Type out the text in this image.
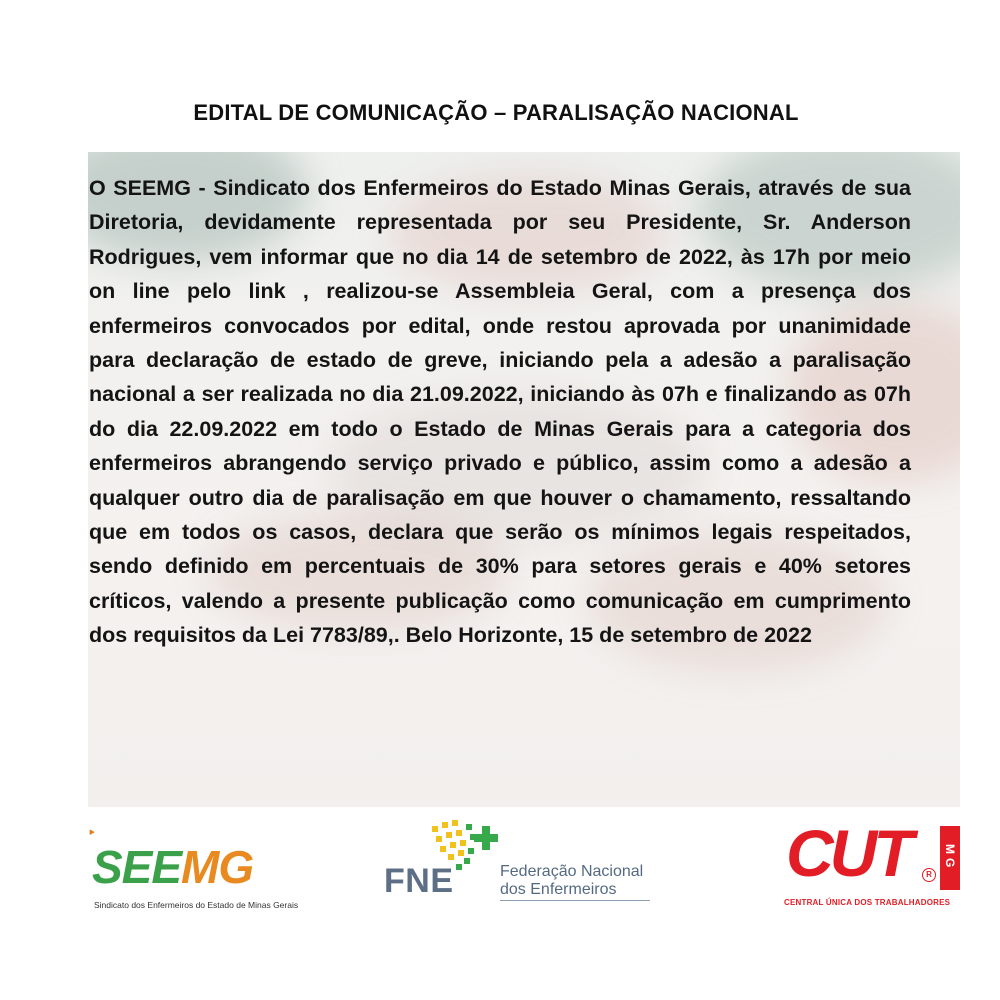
EDITAL DE COMUNICAÇÃO – PARALISAÇÃO NACIONAL

O SEEMG - Sindicato dos Enfermeiros do Estado Minas Gerais, através de sua Diretoria, devidamente representada por seu Presidente, Sr. Anderson Rodrigues, vem informar que no dia 14 de setembro de 2022, às 17h por meio on line pelo link , realizou-se Assembleia Geral, com a presença dos enfermeiros convocados por edital, onde restou aprovada por unanimidade para declaração de estado de greve, iniciando pela a adesão a paralisação nacional a ser realizada no dia 21.09.2022, iniciando às 07h e finalizando as 07h do dia 22.09.2022 em todo o Estado de Minas Gerais para a categoria dos enfermeiros abrangendo serviço privado e público, assim como a adesão a qualquer outro dia de paralisação em que houver o chamamento, ressaltando que em todos os casos, declara que serão os mínimos legais respeitados, sendo definido em percentuais de 30% para setores gerais e 40% setores críticos, valendo a presente publicação como comunicação em cumprimento dos requisitos da Lei 7783/89,. Belo Horizonte, 15 de setembro de 2022

‣
SEEMG
Sindicato dos Enfermeiros do Estado de Minas Gerais
FNE	Federação Nacional
dos Enfermeiros	CUT	R
MG
CENTRAL ÚNICA DOS TRABALHADORES
